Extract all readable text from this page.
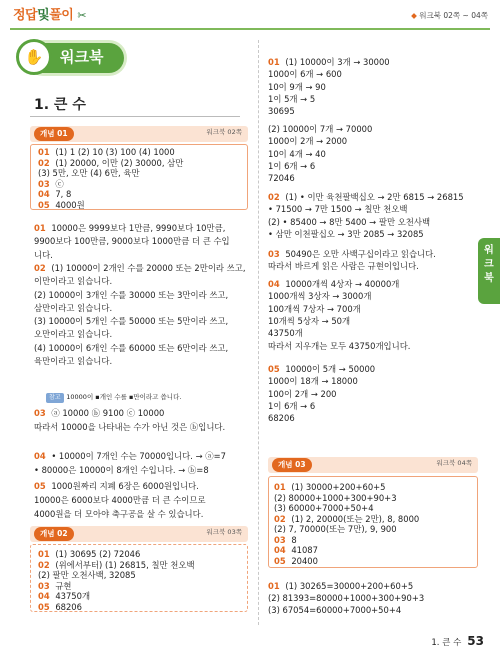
정답및풀이 ✂	◆ 워크북 02쪽 ~ 04쪽
✋	워크북
1. 큰 수
개념 01	워크북 02쪽
01 (1) 1 (2) 10 (3) 100 (4) 1000
02 (1) 20000, 이만 (2) 30000, 삼만
(3) 5만, 오만 (4) 6만, 육만
03 ⓒ
04 7, 8
05 4000원
01 10000은 9999보다 1만큼, 9990보다 10만큼,
9900보다 100만큼, 9000보다 1000만큼 더 큰 수입
니다.
02 (1) 10000이 2개인 수를 20000 또는 2만이라 쓰고,
이만이라고 읽습니다.
(2) 10000이 3개인 수를 30000 또는 3만이라 쓰고,
삼만이라고 읽습니다.
(3) 10000이 5개인 수를 50000 또는 5만이라 쓰고,
오만이라고 읽습니다.
(4) 10000이 6개인 수를 60000 또는 6만이라 쓰고,
육만이라고 읽습니다.
03 ⓐ 10000 ⓑ 9100 ⓒ 10000
따라서 10000을 나타내는 수가 아닌 것은 ⓑ입니다.
04 • 10000이 7개인 수는 70000입니다. → ⓐ=7
• 80000은 10000이 8개인 수입니다. → ⓑ=8
05 1000원짜리 지폐 6장은 6000원입니다.
10000은 6000보다 4000만큼 더 큰 수이므로
4000원을 더 모아야 축구공을 살 수 있습니다.
참고 10000이 ▪개인 수를 ▪만이라고 씁니다.
개념 02	워크북 03쪽
01 (1) 30695 (2) 72046
02 (위에서부터) (1) 26815, 칠만 천오백
(2) 팔만 오천사백, 32085
03 규현
04 43750개
05 68206
01 (1) 10000이 3개 → 30000
1000이 6개 → 600
10이 9개 → 90
1이 5개 → 5
30695
(2) 10000이 7개 → 70000
1000이 2개 → 2000
10이 4개 → 40
1이 6개 → 6
72046
02 (1) • 이만 육천팔백십오 → 2만 6815 → 26815
• 71500 → 7만 1500 → 칠만 천오백
(2) • 85400 → 8만 5400 → 팔만 오천사백
• 삼만 이천팔십오 → 3만 2085 → 32085
03 50490은 오만 사백구십이라고 읽습니다.
따라서 바르게 읽은 사람은 규현이입니다.
04 10000개씩 4상자 → 40000개
1000개씩 3상자 → 3000개
100개씩 7상자 → 700개
10개씩 5상자 → 50개
43750개
따라서 지우개는 모두 43750개입니다.
05 10000이 5개 → 50000
1000이 18개 → 18000
100이 2개 → 200
1이 6개 → 6
68206
개념 03	워크북 04쪽
01 (1) 30000+200+60+5
(2) 80000+1000+300+90+3
(3) 60000+7000+50+4
02 (1) 2, 20000(또는 2만), 8, 8000
(2) 7, 70000(또는 7만), 9, 900
03 8
04 41087
05 20400
01 (1) 30265=30000+200+60+5
(2) 81393=80000+1000+300+90+3
(3) 67054=60000+7000+50+4
워
크
북
1. 큰 수 53
